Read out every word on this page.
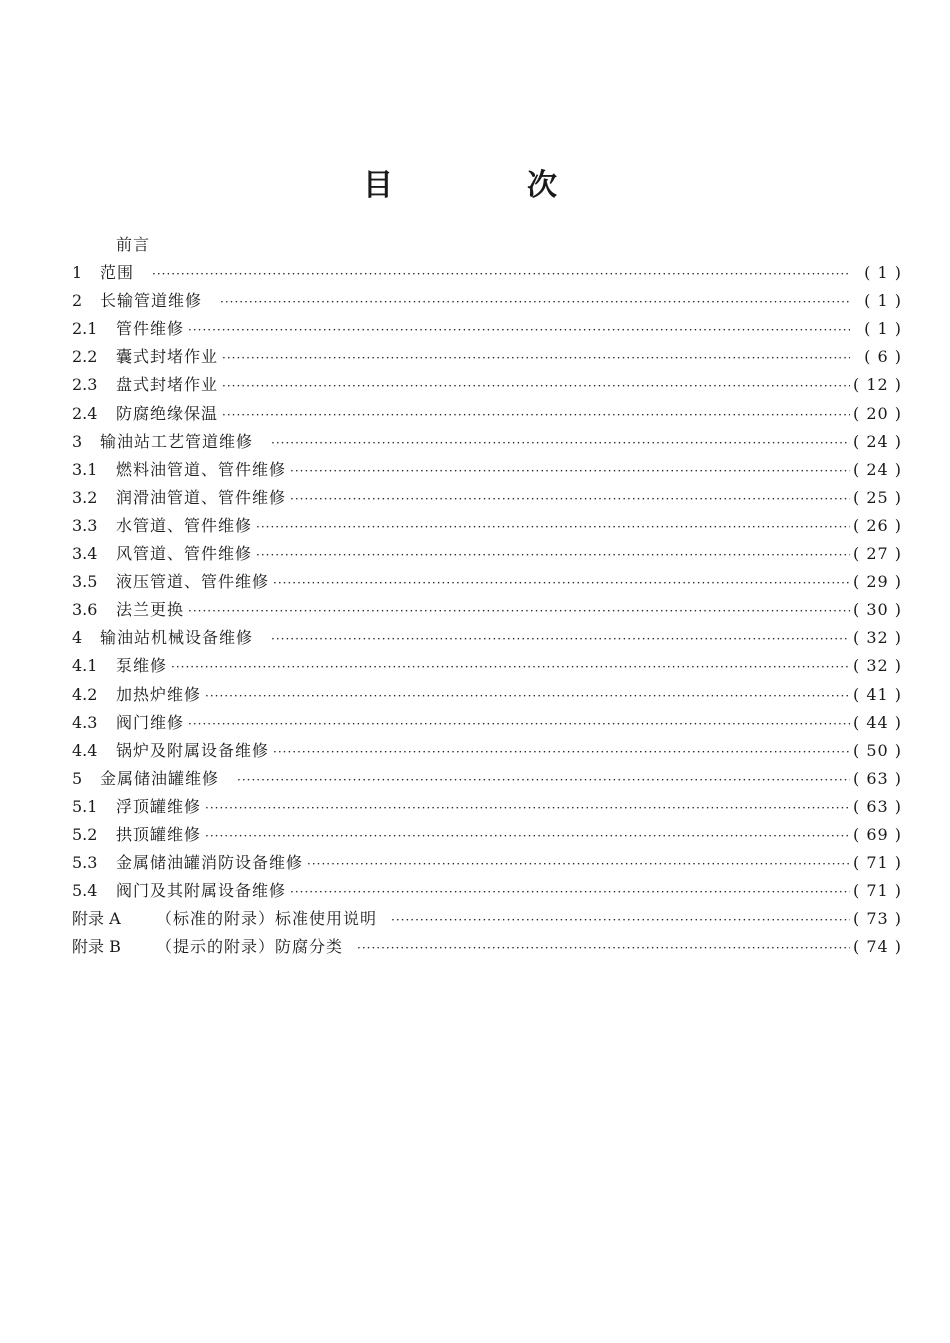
目　次
前言
1	范围 ·····	( 1 )
2	长输管道维修 ·····	( 1 )
2.1	管件维修 ·····	( 1 )
2.2	囊式封堵作业 ·····	( 6 )
2.3	盘式封堵作业 ·····	( 12 )
2.4	防腐绝缘保温 ·····	( 20 )
3	输油站工艺管道维修 ·····	( 24 )
3.1	燃料油管道、管件维修 ·····	( 24 )
3.2	润滑油管道、管件维修 ·····	( 25 )
3.3	水管道、管件维修 ·····	( 26 )
3.4	风管道、管件维修 ·····	( 27 )
3.5	液压管道、管件维修 ·····	( 29 )
3.6	法兰更换 ·····	( 30 )
4	输油站机械设备维修 ·····	( 32 )
4.1	泵维修 ·····	( 32 )
4.2	加热炉维修 ·····	( 41 )
4.3	阀门维修 ·····	( 44 )
4.4	锅炉及附属设备维修 ·····	( 50 )
5	金属储油罐维修 ·····	( 63 )
5.1	浮顶罐维修 ·····	( 63 )
5.2	拱顶罐维修 ·····	( 69 )
5.3	金属储油罐消防设备维修 ·····	( 71 )
5.4	阀门及其附属设备维修 ·····	( 71 )
附录 A	（标准的附录）标准使用说明 ·····	( 73 )
附录 B	（提示的附录）防腐分类 ·····	( 74 )
